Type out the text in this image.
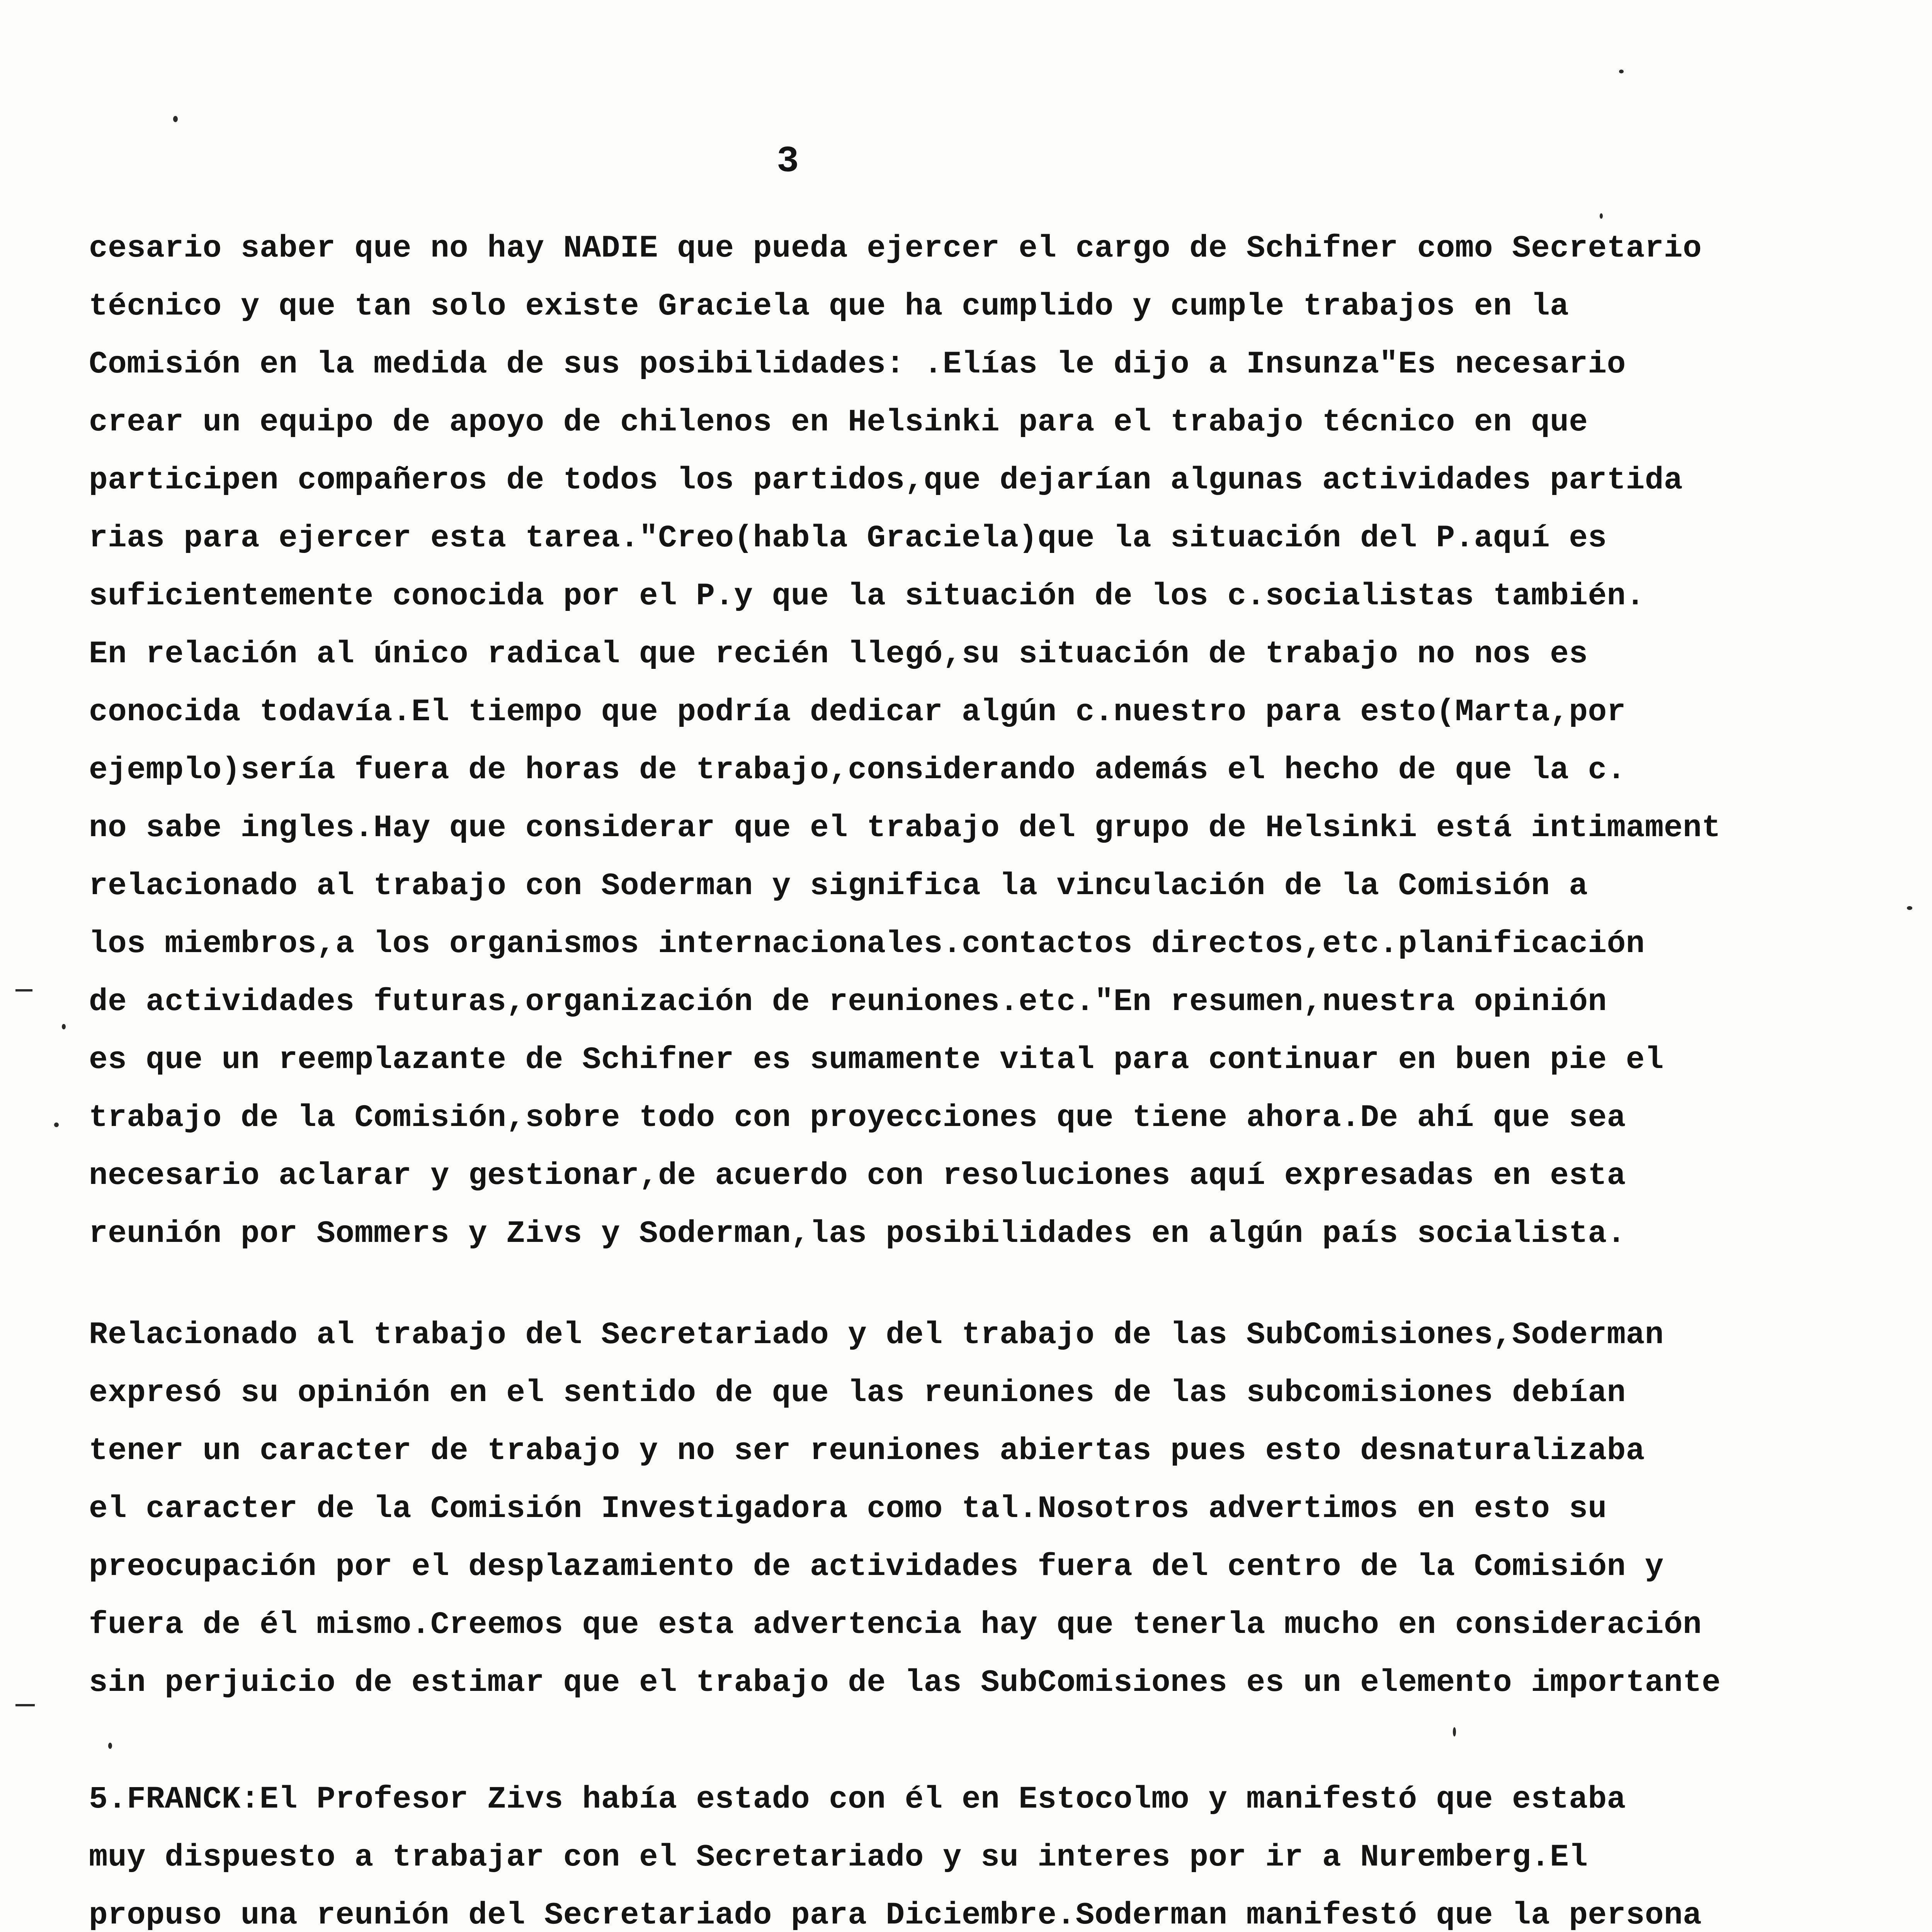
3
cesario saber que no hay NADIE que pueda ejercer el cargo de Schifner como Secretario
técnico y que tan solo existe Graciela que ha cumplido y cumple trabajos en la
Comisión en la medida de sus posibilidades: .Elías le dijo a Insunza"Es necesario
crear un equipo de apoyo de chilenos en Helsinki para el trabajo técnico en que
participen compañeros de todos los partidos,que dejarían algunas actividades partida
rias para ejercer esta tarea."Creo(habla Graciela)que la situación del P.aquí es
suficientemente conocida por el P.y que la situación de los c.socialistas también.
En relación al único radical que recién llegó,su situación de trabajo no nos es
conocida todavía.El tiempo que podría dedicar algún c.nuestro para esto(Marta,por
ejemplo)sería fuera de horas de trabajo,considerando además el hecho de que la c.
no sabe ingles.Hay que considerar que el trabajo del grupo de Helsinki está intimament
relacionado al trabajo con Soderman y significa la vinculación de la Comisión a
los miembros,a los organismos internacionales.contactos directos,etc.planificación
de actividades futuras,organización de reuniones.etc."En resumen,nuestra opinión
es que un reemplazante de Schifner es sumamente vital para continuar en buen pie el
trabajo de la Comisión,sobre todo con proyecciones que tiene ahora.De ahí que sea
necesario aclarar y gestionar,de acuerdo con resoluciones aquí expresadas en esta
reunión por Sommers y Zivs y Soderman,las posibilidades en algún país socialista.
Relacionado al trabajo del Secretariado y del trabajo de las SubComisiones,Soderman
expresó su opinión en el sentido de que las reuniones de las subcomisiones debían
tener un caracter de trabajo y no ser reuniones abiertas pues esto desnaturalizaba
el caracter de la Comisión Investigadora como tal.Nosotros advertimos en esto su
preocupación por el desplazamiento de actividades fuera del centro de la Comisión y
fuera de él mismo.Creemos que esta advertencia hay que tenerla mucho en consideración
sin perjuicio de estimar que el trabajo de las SubComisiones es un elemento importante
5.FRANCK:El Profesor Zivs había estado con él en Estocolmo y manifestó que estaba
muy dispuesto a trabajar con el Secretariado y su interes por ir a Nuremberg.El
propuso una reunión del Secretariado para Diciembre.Soderman manifestó que la persona
